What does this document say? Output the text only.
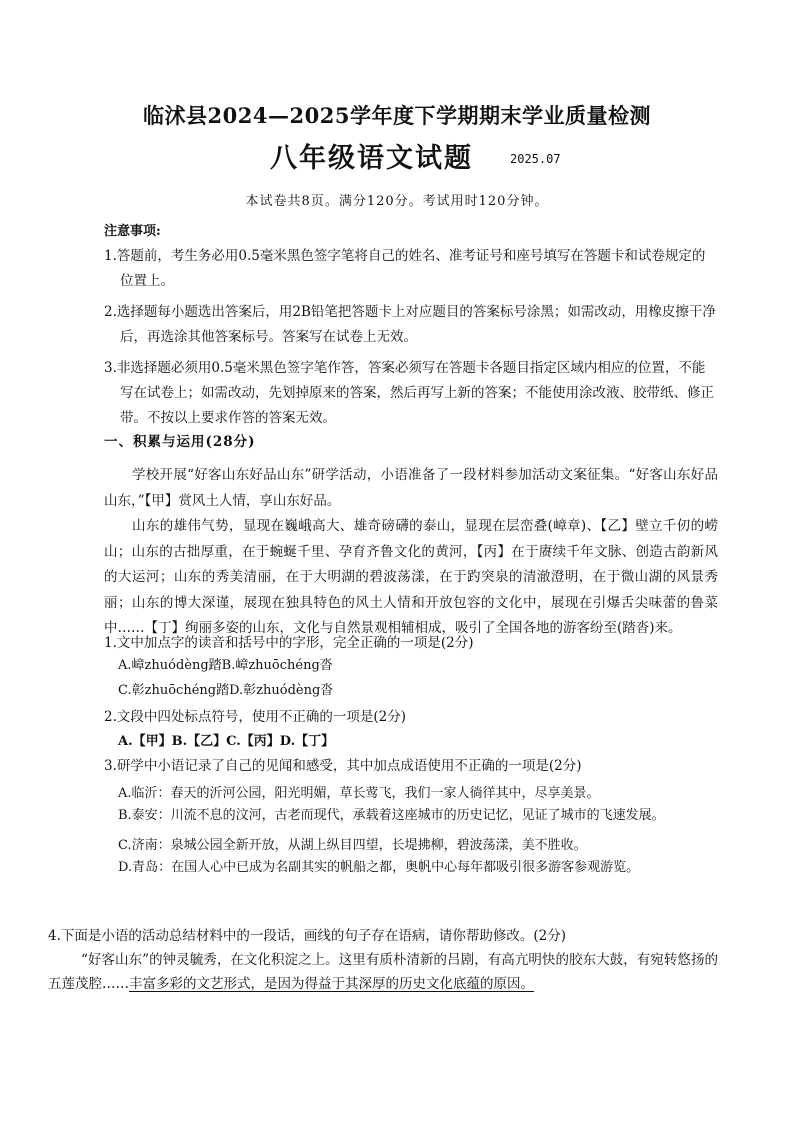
临沭县2024—2025学年度下学期期末学业质量检测
八年级语文试题	2025.07
本试卷共8页。满分120分。考试用时120分钟。
注意事项:
1.答题前，考生务必用0.5毫米黑色签字笔将自己的姓名、准考证号和座号填写在答题卡和试卷规定的位置上。
2.选择题每小题选出答案后，用2B铅笔把答题卡上对应题目的答案标号涂黑；如需改动，用橡皮擦干净后，再选涂其他答案标号。答案写在试卷上无效。
3.非选择题必须用0.5毫米黑色签字笔作答，答案必须写在答题卡各题目指定区域内相应的位置，不能写在试卷上；如需改动，先划掉原来的答案，然后再写上新的答案；不能使用涂改液、胶带纸、修正带。不按以上要求作答的答案无效。
一、积累与运用(28分)
学校开展“好客山东好品山东”研学活动，小语准备了一段材料参加活动文案征集。“好客山东好品山东，”【甲】赏风土人情，享山东好品。
山东的雄伟气势，显现在巍峨高大、雄奇磅礴的泰山，显现在层峦叠(嶂章)、【乙】壁立千仞的崂山；山东的古拙厚重，在于蜿蜒千里、孕育齐鲁文化的黄河，【丙】在于赓续千年文脉、创造古韵新风的大运河；山东的秀美清丽，在于大明湖的碧波荡漾，在于趵突泉的清澈澄明，在于微山湖的风景秀丽；山东的博大深谨，展现在独具特色的风土人情和开放包容的文化中，展现在引爆舌尖味蕾的鲁菜中……【丁】绚丽多姿的山东，文化与自然景观相辅相成，吸引了全国各地的游客纷至(踏沓)来。
1.文中加点字的读音和括号中的字形，完全正确的一项是(2分)
A.嶂zhuódèng踏B.嶂zhuōchéng沓
C.彰zhuōchéng踏D.彰zhuódèng沓
2.文段中四处标点符号，使用不正确的一项是(2分)
A.【甲】B.【乙】C.【丙】D.【丁】
3.研学中小语记录了自己的见闻和感受，其中加点成语使用不正确的一项是(2分)
A.临沂：春天的沂河公园，阳光明媚，草长莺飞，我们一家人徜徉其中，尽享美景。
B.泰安：川流不息的汶河，古老而现代，承载着这座城市的历史记忆，见证了城市的飞速发展。
C.济南：泉城公园全新开放，从湖上纵目四望，长堤拂柳，碧波荡漾，美不胜收。
D.青岛：在国人心中已成为名副其实的帆船之都，奥帆中心每年都吸引很多游客参观游览。
4.下面是小语的活动总结材料中的一段话，画线的句子存在语病，请你帮助修改。(2分)
“好客山东”的钟灵毓秀，在文化积淀之上。这里有质朴清新的吕剧，有高亢明快的胶东大鼓，有宛转悠扬的五莲茂腔……丰富多彩的文艺形式，是因为得益于其深厚的历史文化底蕴的原因。
